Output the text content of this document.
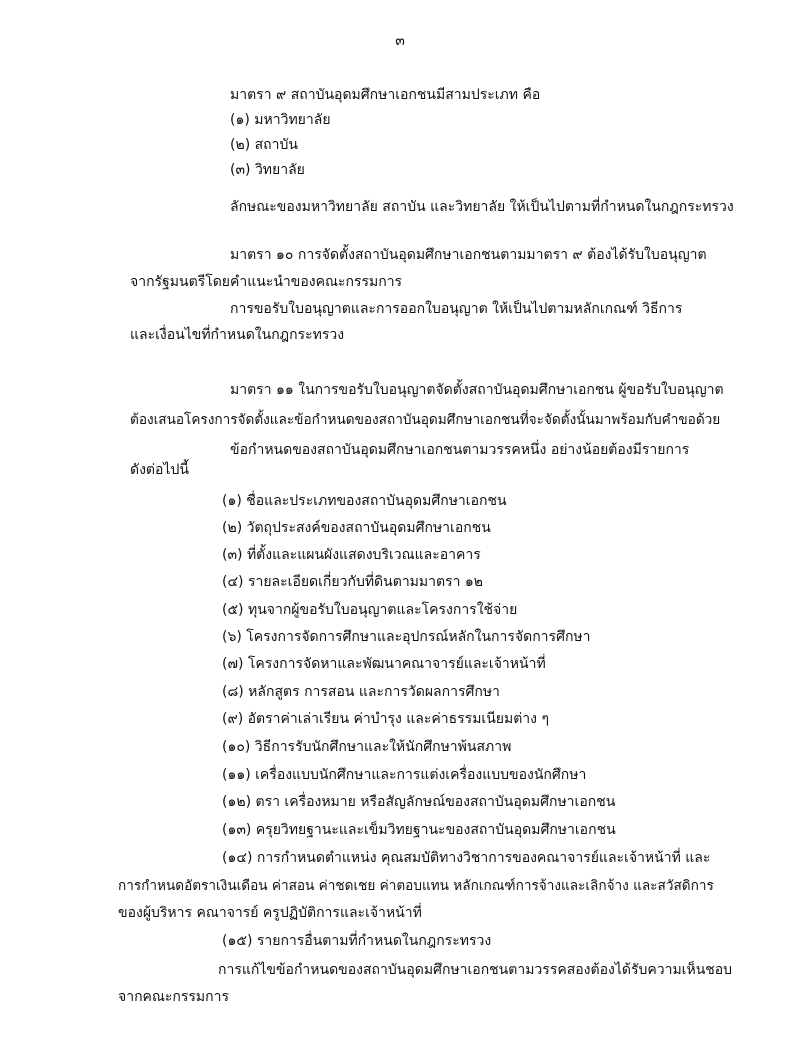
๓
มาตรา ๙ สถาบันอุดมศึกษาเอกชนมีสามประเภท คือ
(๑) มหาวิทยาลัย
(๒) สถาบัน
(๓) วิทยาลัย
ลักษณะของมหาวิทยาลัย สถาบัน และวิทยาลัย ให้เป็นไปตามที่กำหนดในกฎกระทรวง
มาตรา ๑๐ การจัดตั้งสถาบันอุดมศึกษาเอกชนตามมาตรา ๙ ต้องได้รับใบอนุญาต
จากรัฐมนตรีโดยคำแนะนำของคณะกรรมการ
การขอรับใบอนุญาตและการออกใบอนุญาต ให้เป็นไปตามหลักเกณฑ์ วิธีการ
และเงื่อนไขที่กำหนดในกฎกระทรวง
มาตรา ๑๑ ในการขอรับใบอนุญาตจัดตั้งสถาบันอุดมศึกษาเอกชน ผู้ขอรับใบอนุญาต
ต้องเสนอโครงการจัดตั้งและข้อกำหนดของสถาบันอุดมศึกษาเอกชนที่จะจัดตั้งนั้นมาพร้อมกับคำขอด้วย
ข้อกำหนดของสถาบันอุดมศึกษาเอกชนตามวรรคหนึ่ง อย่างน้อยต้องมีรายการ
ดังต่อไปนี้
(๑) ชื่อและประเภทของสถาบันอุดมศึกษาเอกชน
(๒) วัตถุประสงค์ของสถาบันอุดมศึกษาเอกชน
(๓) ที่ตั้งและแผนผังแสดงบริเวณและอาคาร
(๔) รายละเอียดเกี่ยวกับที่ดินตามมาตรา ๑๒
(๕) ทุนจากผู้ขอรับใบอนุญาตและโครงการใช้จ่าย
(๖) โครงการจัดการศึกษาและอุปกรณ์หลักในการจัดการศึกษา
(๗) โครงการจัดหาและพัฒนาคณาจารย์และเจ้าหน้าที่
(๘) หลักสูตร การสอน และการวัดผลการศึกษา
(๙) อัตราค่าเล่าเรียน ค่าบำรุง และค่าธรรมเนียมต่าง ๆ
(๑๐) วิธีการรับนักศึกษาและให้นักศึกษาพ้นสภาพ
(๑๑) เครื่องแบบนักศึกษาและการแต่งเครื่องแบบของนักศึกษา
(๑๒) ตรา เครื่องหมาย หรือสัญลักษณ์ของสถาบันอุดมศึกษาเอกชน
(๑๓) ครุยวิทยฐานะและเข็มวิทยฐานะของสถาบันอุดมศึกษาเอกชน
(๑๔) การกำหนดตำแหน่ง คุณสมบัติทางวิชาการของคณาจารย์และเจ้าหน้าที่ และ
การกำหนดอัตราเงินเดือน ค่าสอน ค่าชดเชย ค่าตอบแทน หลักเกณฑ์การจ้างและเลิกจ้าง และสวัสดิการ
ของผู้บริหาร คณาจารย์ ครูปฏิบัติการและเจ้าหน้าที่
(๑๕) รายการอื่นตามที่กำหนดในกฎกระทรวง
การแก้ไขข้อกำหนดของสถาบันอุดมศึกษาเอกชนตามวรรคสองต้องได้รับความเห็นชอบ
จากคณะกรรมการ
